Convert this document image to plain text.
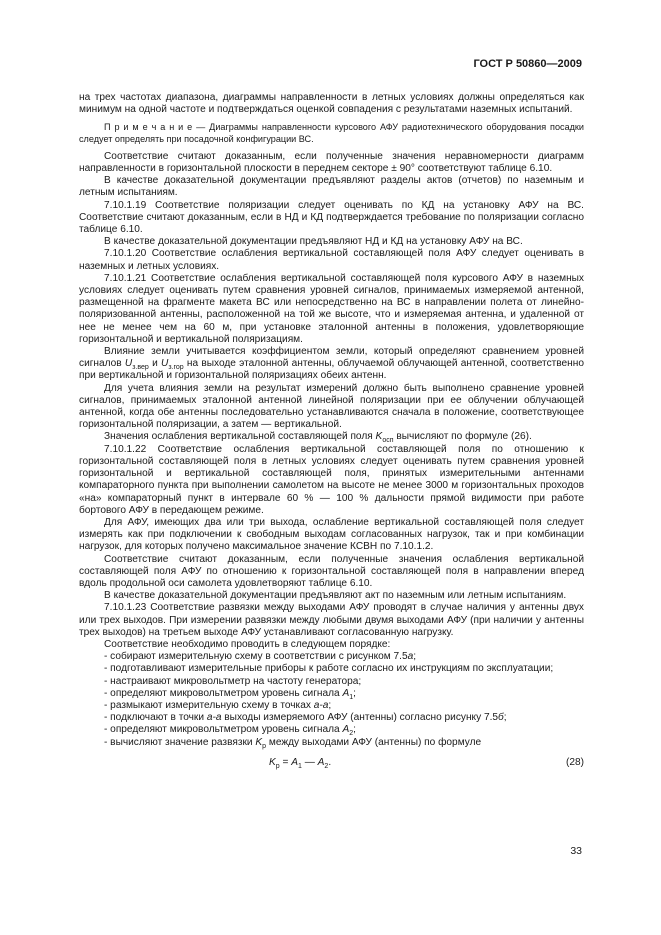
ГОСТ Р 50860—2009

на трех частотах диапазона, диаграммы направленности в летных условиях должны определяться как минимум на одной частоте и подтверждаться оценкой совпадения с результатами наземных испытаний.

П р и м е ч а н и е — Диаграммы направленности курсового АФУ радиотехнического оборудования посадки следует определять при посадочной конфигурации ВС.

Соответствие считают доказанным, если полученные значения неравномерности диаграмм направленности в горизонтальной плоскости в переднем секторе ± 90° соответствуют таблице 6.10.

В качестве доказательной документации предъявляют разделы актов (отчетов) по наземным и летным испытаниям.

7.10.1.19 Соответствие поляризации следует оценивать по КД на установку АФУ на ВС. Соответствие считают доказанным, если в НД и КД подтверждается требование по поляризации согласно таблице 6.10.

В качестве доказательной документации предъявляют НД и КД на установку АФУ на ВС.

7.10.1.20 Соответствие ослабления вертикальной составляющей поля АФУ следует оценивать в наземных и летных условиях.

7.10.1.21 Соответствие ослабления вертикальной составляющей поля курсового АФУ в наземных условиях следует оценивать путем сравнения уровней сигналов, принимаемых измеряемой антенной, размещенной на фрагменте макета ВС или непосредственно на ВС в направлении полета от линейно-поляризованной антенны, расположенной на той же высоте, что и измеряемая антенна, и удаленной от нее не менее чем на 60 м, при установке эталонной антенны в положения, удовлетворяющие горизонтальной и вертикальной поляризациям.

Влияние земли учитывается коэффициентом земли, который определяют сравнением уровней сигналов $U_{з.вер}$ и $U_{з.гор}$ на выходе эталонной антенны, облучаемой облучающей антенной, соответственно при вертикальной и горизонтальной поляризациях обеих антенн.

Для учета влияния земли на результат измерений должно быть выполнено сравнение уровней сигналов, принимаемых эталонной антенной линейной поляризации при ее облучении облучающей антенной, когда обе антенны последовательно устанавливаются сначала в положение, соответствующее горизонтальной поляризации, а затем — вертикальной.

Значения ослабления вертикальной составляющей поля $K_{осп}$ вычисляют по формуле (26).

7.10.1.22 Соответствие ослабления вертикальной составляющей поля по отношению к горизонтальной составляющей поля в летных условиях следует оценивать путем сравнения уровней горизонтальной и вертикальной составляющей поля, принятых измерительными антеннами компараторного пункта при выполнении самолетом на высоте не менее 3000 м горизонтальных проходов «на» компараторный пункт в интервале 60 % — 100 % дальности прямой видимости при работе бортового АФУ в передающем режиме.

Для АФУ, имеющих два или три выхода, ослабление вертикальной составляющей поля следует измерять как при подключении к свободным выходам согласованных нагрузок, так и при комбинации нагрузок, для которых получено максимальное значение КСВН по 7.10.1.2.

Соответствие считают доказанным, если полученные значения ослабления вертикальной составляющей поля АФУ по отношению к горизонтальной составляющей поля в направлении вперед вдоль продольной оси самолета удовлетворяют таблице 6.10.

В качестве доказательной документации предъявляют акт по наземным или летным испытаниям.

7.10.1.23 Соответствие развязки между выходами АФУ проводят в случае наличия у антенны двух или трех выходов. При измерении развязки между любыми двумя выходами АФУ (при наличии у антенны трех выходов) на третьем выходе АФУ устанавливают согласованную нагрузку.

Соответствие необходимо проводить в следующем порядке:

- собирают измерительную схему в соответствии с рисунком 7.5а;

- подготавливают измерительные приборы к работе согласно их инструкциям по эксплуатации;

- настраивают микровольтметр на частоту генератора;

- определяют микровольтметром уровень сигнала $A_1$;

- размыкают измерительную схему в точках а-а;

- подключают в точки а-а выходы измеряемого АФУ (антенны) согласно рисунку 7.5б;

- определяют микровольтметром уровень сигнала $A_2$;

- вычисляют значение развязки $K_р$ между выходами АФУ (антенны) по формуле

$K_р = A_1$ — $A_2$.	(28)

33
